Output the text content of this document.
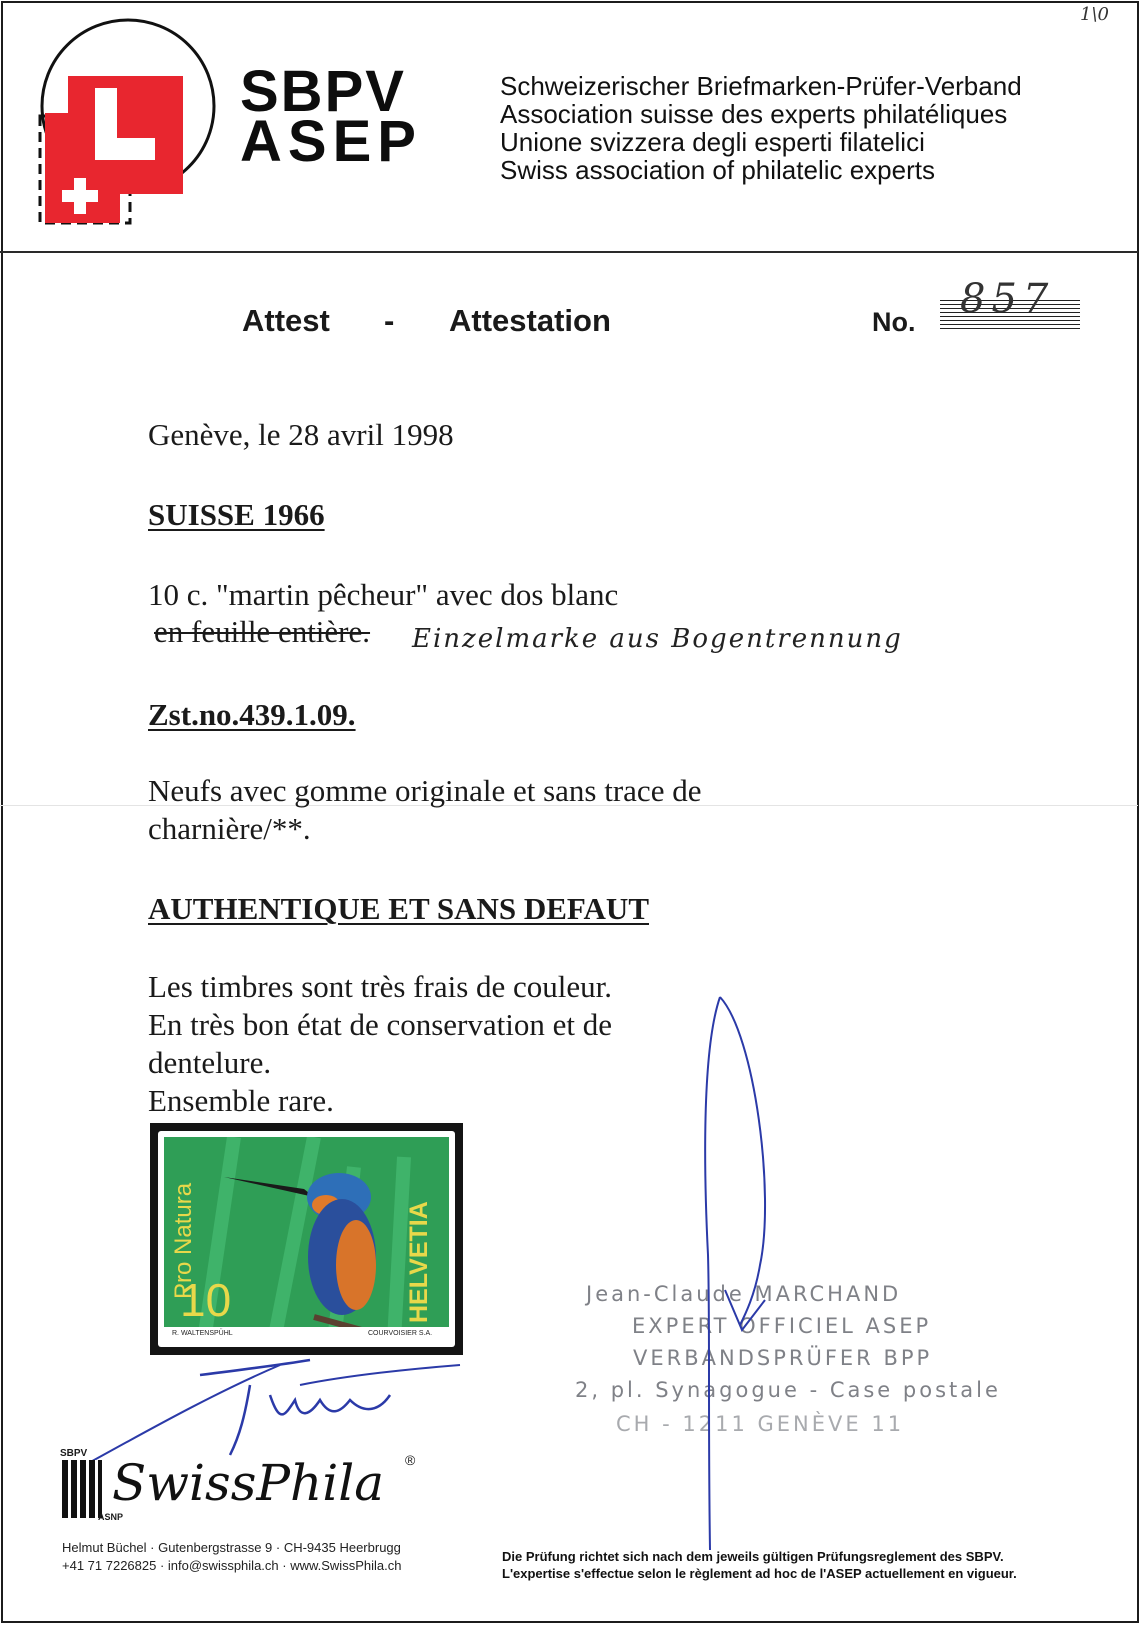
SBPV
ASEP
Schweizerischer Briefmarken-Prüfer-Verband
Association suisse des experts philatéliques
Unione svizzera degli esperti filatelici
Swiss association of philatelic experts
1\0
Attest - Attestation	No. 857
Genève, le 28 avril 1998
SUISSE 1966
10 c. "martin pêcheur" avec dos blanc
en feuille entière. Einzelmarke aus Bogentrennung
Zst.no.439.1.09.
Neufs avec gomme originale et sans trace de
charnière/**.
AUTHENTIQUE ET SANS DEFAUT
Les timbres sont très frais de couleur.
En très bon état de conservation et de
dentelure.
Ensemble rare.
Pro Natura
10	HELVETIA
R. WALTENSPÜHL	COURVOISIER S.A.
Jean-Claude MARCHAND
EXPERT OFFICIEL ASEP
VERBANDSPRÜFER BPP
2, pl. Synagogue - Case postale
CH - 1211 GENÈVE 11
SBPV
ASNP
SwissPhila ®
Helmut Büchel · Gutenbergstrasse 9 · CH-9435 Heerbrugg
+41 71 7226825 · info@swissphila.ch · www.SwissPhila.ch
Die Prüfung richtet sich nach dem jeweils gültigen Prüfungsreglement des SBPV.
L'expertise s'effectue selon le règlement ad hoc de l'ASEP actuellement en vigueur.
